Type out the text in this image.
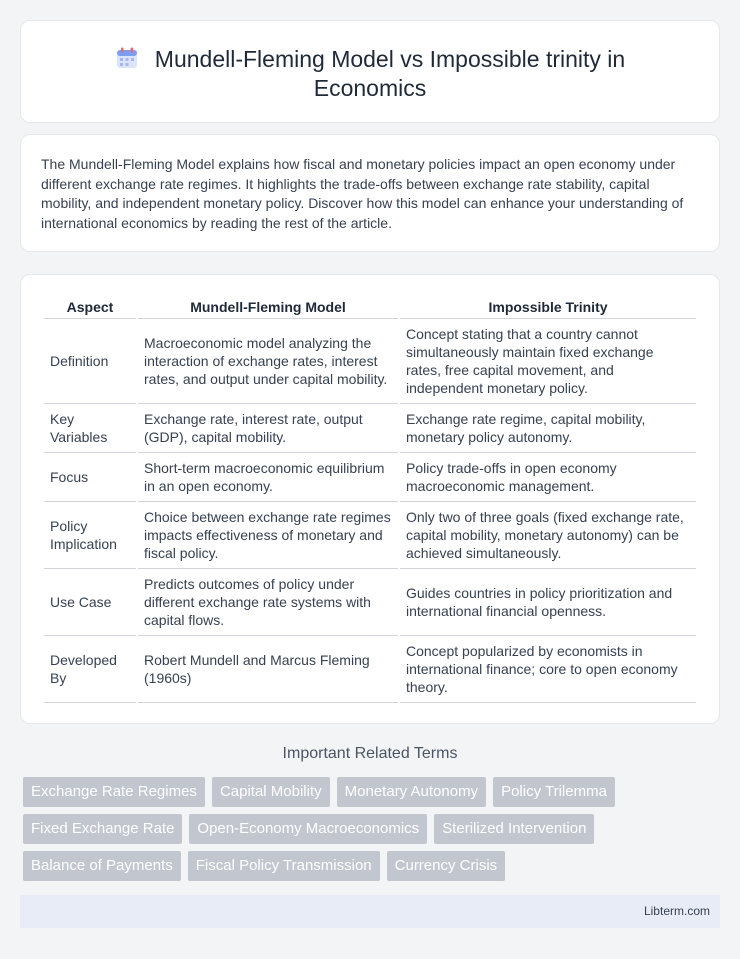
Mundell-Fleming Model vs Impossible trinity in Economics

The Mundell-Fleming Model explains how fiscal and monetary policies impact an open economy under different exchange rate regimes. It highlights the trade-offs between exchange rate stability, capital mobility, and independent monetary policy. Discover how this model can enhance your understanding of international economics by reading the rest of the article.

Aspect	Mundell-Fleming Model	Impossible Trinity
Definition	Macroeconomic model analyzing the interaction of exchange rates, interest rates, and output under capital mobility.	Concept stating that a country cannot simultaneously maintain fixed exchange rates, free capital movement, and independent monetary policy.
Key Variables	Exchange rate, interest rate, output (GDP), capital mobility.	Exchange rate regime, capital mobility, monetary policy autonomy.
Focus	Short-term macroeconomic equilibrium in an open economy.	Policy trade-offs in open economy macroeconomic management.
Policy Implication	Choice between exchange rate regimes impacts effectiveness of monetary and fiscal policy.	Only two of three goals (fixed exchange rate, capital mobility, monetary autonomy) can be achieved simultaneously.
Use Case	Predicts outcomes of policy under different exchange rate systems with capital flows.	Guides countries in policy prioritization and international financial openness.
Developed By	Robert Mundell and Marcus Fleming (1960s)	Concept popularized by economists in international finance; core to open economy theory.
Important Related Terms
Exchange Rate Regimes	Capital Mobility	Monetary Autonomy	Policy Trilemma
Fixed Exchange Rate	Open-Economy Macroeconomics	Sterilized Intervention
Balance of Payments	Fiscal Policy Transmission	Currency Crisis
Libterm.com
